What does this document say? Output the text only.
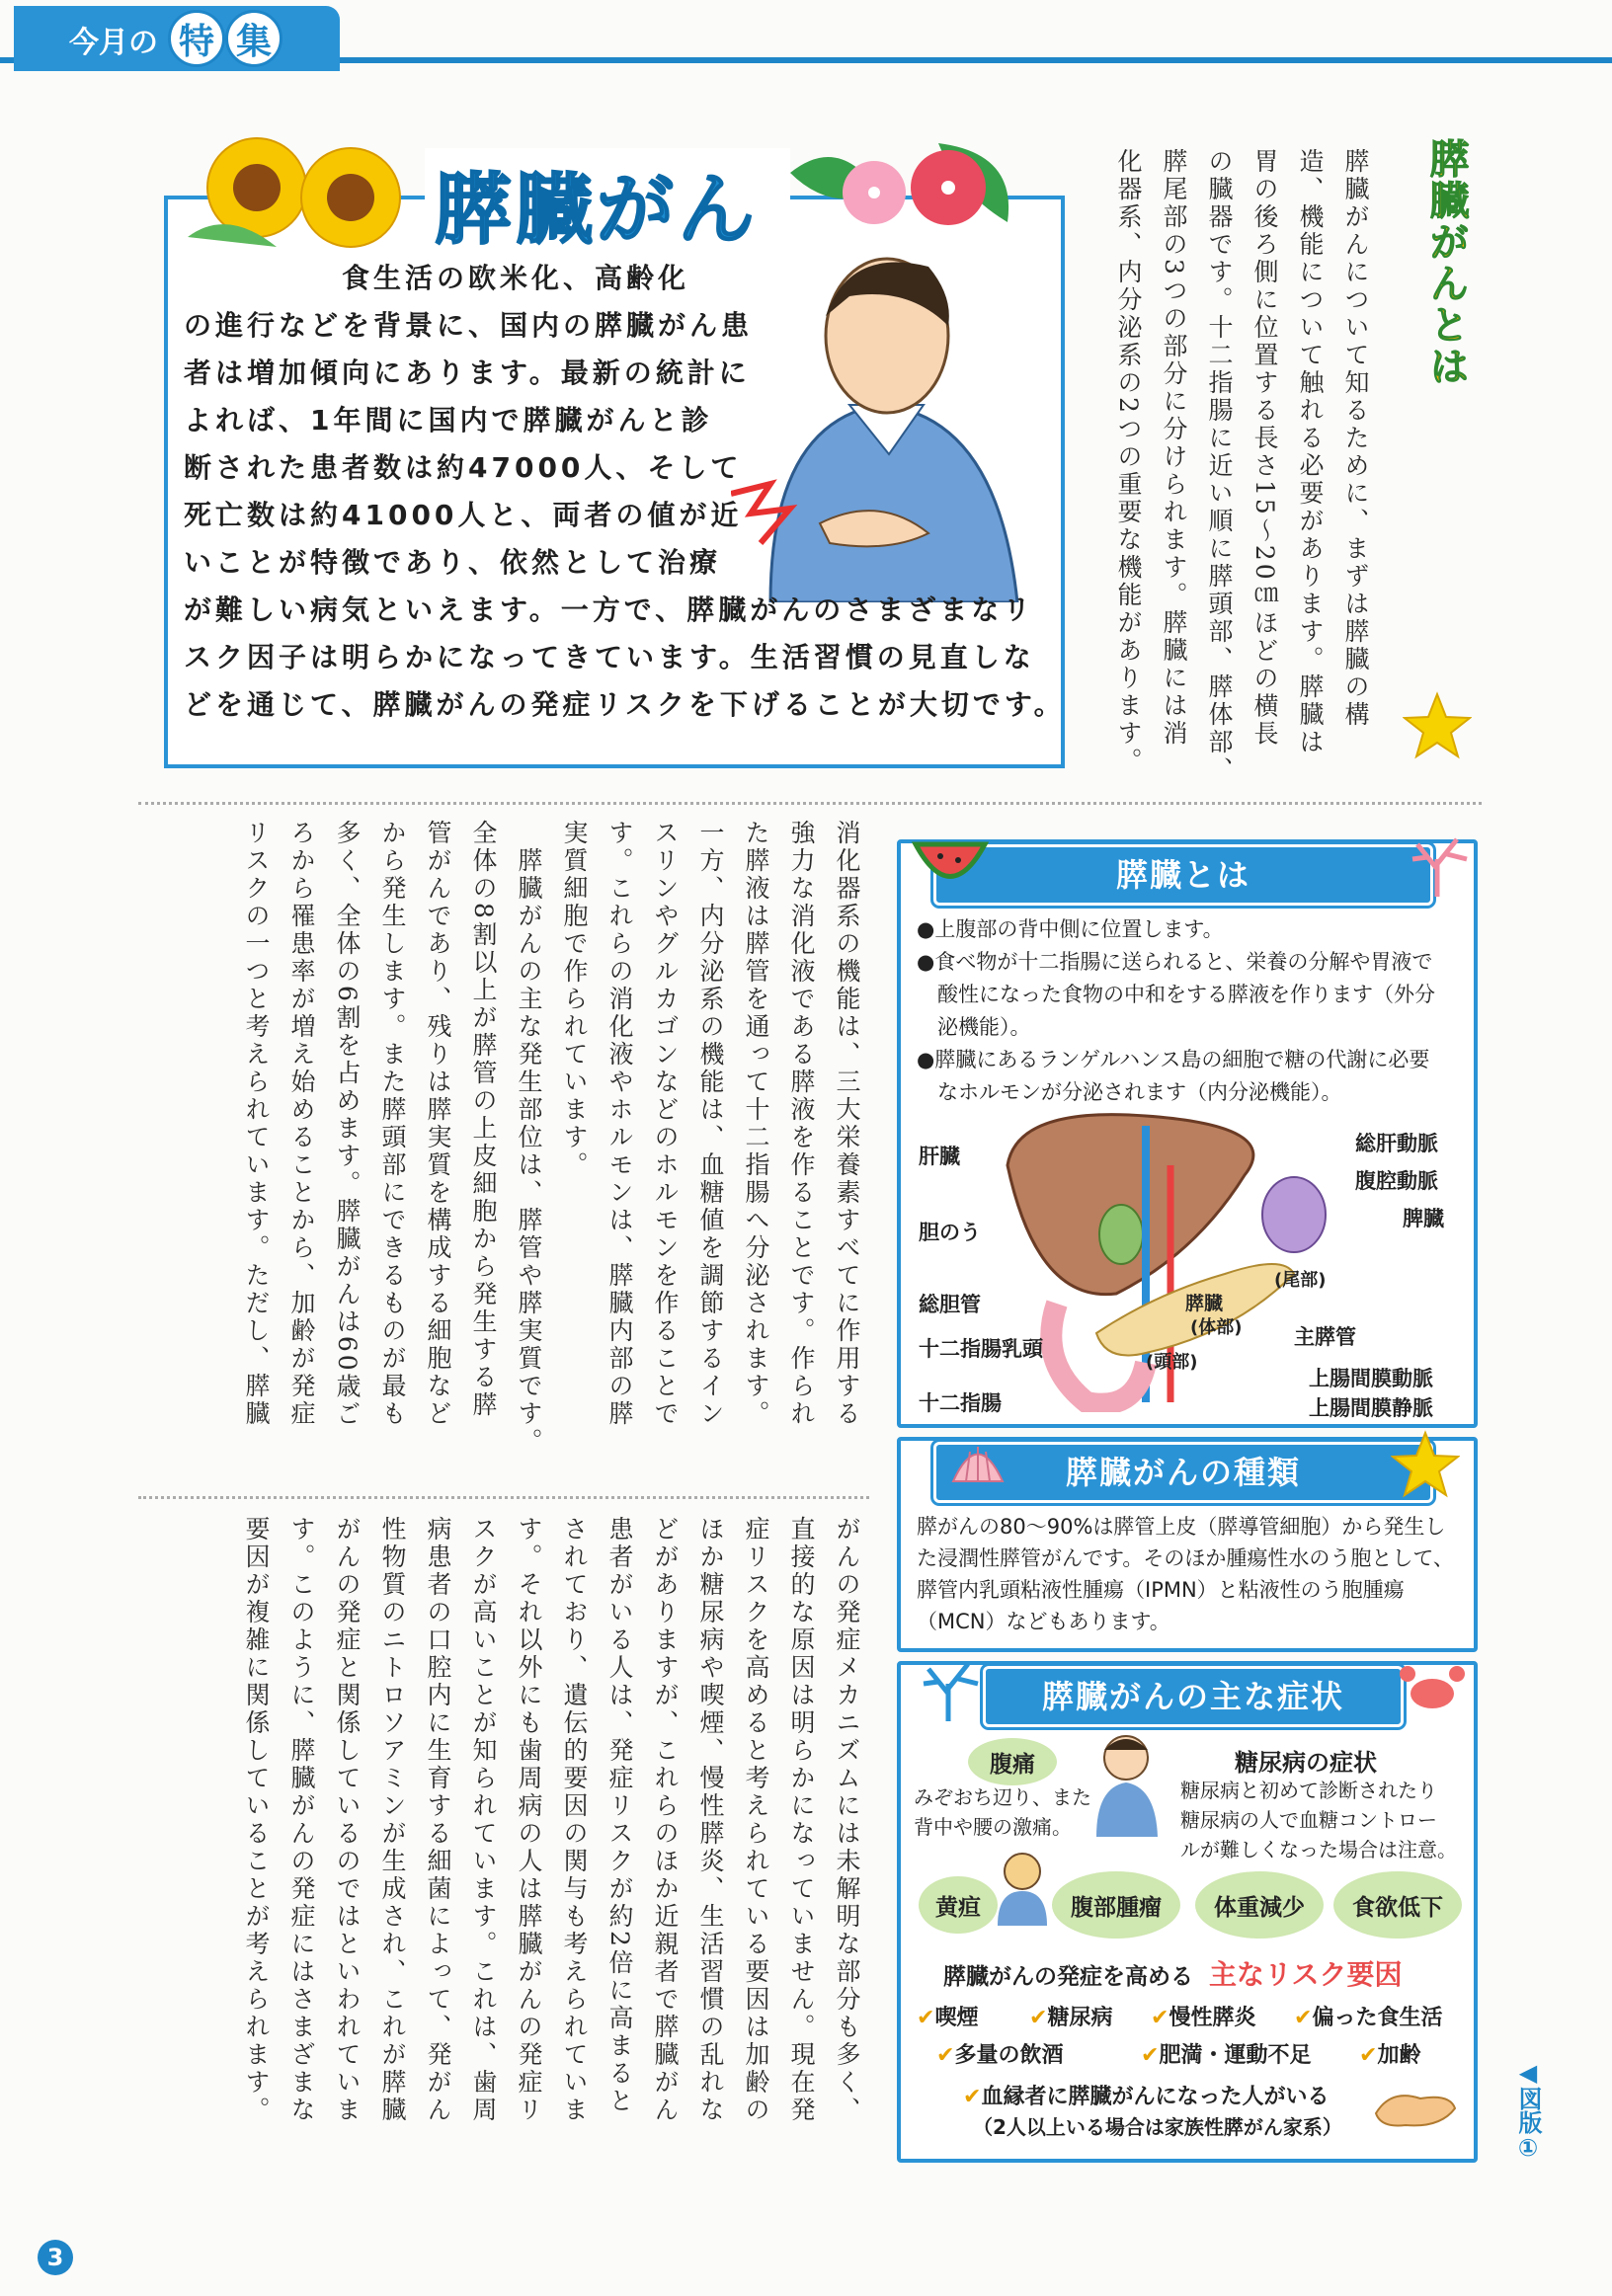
今月の 特 集
膵臓がん
　　　　　食生活の欧米化、高齢化
の進行などを背景に、国内の膵臓がん患
者は増加傾向にあります。最新の統計に
よれば、1年間に国内で膵臓がんと診
断された患者数は約47000人、そして
死亡数は約41000人と、両者の値が近
いことが特徴であり、依然として治療
が難しい病気といえます。一方で、膵臓がんのさまざまなリ
スク因子は明らかになってきています。生活習慣の見直しな
どを通じて、膵臓がんの発症リスクを下げることが大切です。
膵臓がんとは
膵臓がんについて知るために、まずは膵臓の構
造、機能について触れる必要があります。膵臓は
胃の後ろ側に位置する長さ15～20㎝ほどの横長
の臓器です。十二指腸に近い順に膵頭部、膵体部、
膵尾部の3つの部分に分けられます。膵臓には消
化器系、内分泌系の2つの重要な機能があります。
消化器系の機能は、三大栄養素すべてに作用する
強力な消化液である膵液を作ることです。作られ
た膵液は膵管を通って十二指腸へ分泌されます。
一方、内分泌系の機能は、血糖値を調節するイン
スリンやグルカゴンなどのホルモンを作ることで
す。これらの消化液やホルモンは、膵臓内部の膵
実質細胞で作られています。
　膵臓がんの主な発生部位は、膵管や膵実質です。
全体の8割以上が膵管の上皮細胞から発生する膵
管がんであり、残りは膵実質を構成する細胞など
から発生します。また膵頭部にできるものが最も
多く、全体の6割を占めます。膵臓がんは60歳ご
ろから罹患率が増え始めることから、加齢が発症
リスクの一つと考えられています。ただし、膵臓
がんの発症メカニズムには未解明な部分も多く、
直接的な原因は明らかになっていません。現在発
症リスクを高めると考えられている要因は加齢の
ほか糖尿病や喫煙、慢性膵炎、生活習慣の乱れな
どがありますが、これらのほか近親者で膵臓がん
患者がいる人は、発症リスクが約2倍に高まると
されており、遺伝的要因の関与も考えられていま
す。それ以外にも歯周病の人は膵臓がんの発症リ
スクが高いことが知られています。これは、歯周
病患者の口腔内に生育する細菌によって、発がん
性物質のニトロソアミンが生成され、これが膵臓
がんの発症と関係しているのではといわれていま
す。このように、膵臓がんの発症にはさまざまな
要因が複雑に関係していることが考えられます。
膵臓とは
●上腹部の背中側に位置します。
●食べ物が十二指腸に送られると、栄養の分解や胃液で
　酸性になった食物の中和をする膵液を作ります（外分
　泌機能）。
●膵臓にあるランゲルハンス島の細胞で糖の代謝に必要
　なホルモンが分泌されます（内分泌機能）。
肝臓
胆のう
総胆管
十二指腸乳頭
十二指腸
総肝動脈
腹腔動脈
脾臓
(尾部)
膵臓
(体部)
(頭部)
主膵管
上腸間膜動脈
上腸間膜静脈
膵臓がんの種類
膵がんの80～90%は膵管上皮（膵導管細胞）から発生し
た浸潤性膵管がんです。そのほか腫瘍性水のう胞として、
膵管内乳頭粘液性腫瘍（IPMN）と粘液性のう胞腫瘍
（MCN）などもあります。
膵臓がんの主な症状
腹痛
みぞおち辺り、また
背中や腰の激痛。
糖尿病の症状
糖尿病と初めて診断されたり
糖尿病の人で血糖コントロー
ルが難しくなった場合は注意。
黄疸	腹部腫瘤	体重減少	食欲低下
膵臓がんの発症を高める 主なリスク要因
✔喫煙 ✔糖尿病 ✔慢性膵炎 ✔偏った食生活
✔多量の飲酒	✔肥満・運動不足 ✔加齢
✔血縁者に膵臓がんになった人がいる
（2人以上いる場合は家族性膵がん家系）	◀図版①
3
